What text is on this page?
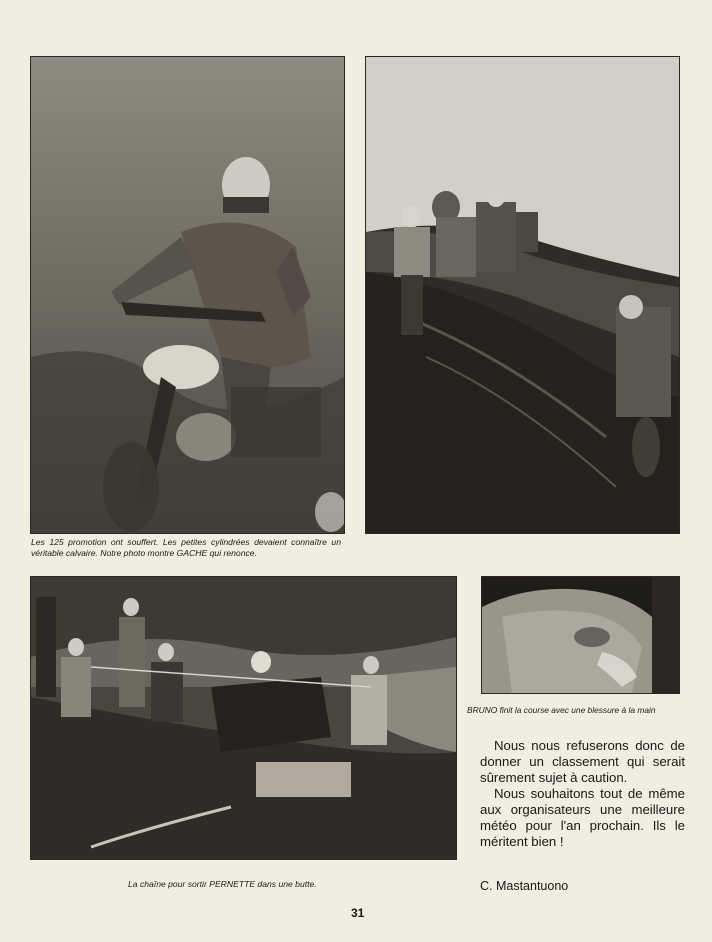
Les 125 promotion ont souffert. Les petites cylindrées devaient connaître un véritable calvaire. Notre photo montre GACHE qui renonce.
BRUNO finit la course avec une blessure à la main
La chaîne pour sortir PERNETTE dans une butte.

Nous nous refuserons donc de donner un classement qui serait sûrement sujet à caution.

Nous souhaitons tout de même aux organisateurs une meilleure météo pour l'an prochain. Ils le méritent bien !

C. Mastantuono
31
